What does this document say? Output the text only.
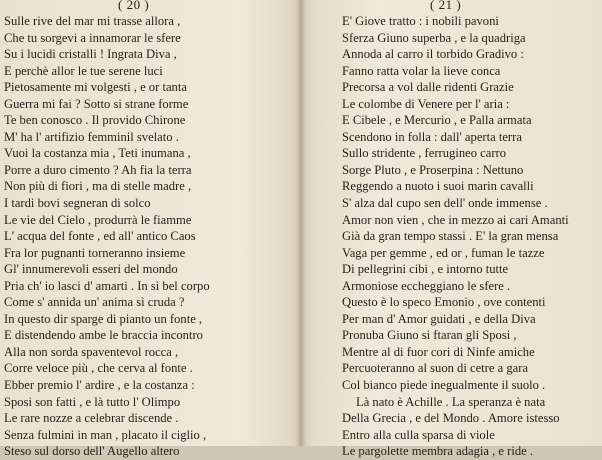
( 20 )
Sulle rive del mar mi trasse allora ,
Che tu sorgevi a innamorar le sfere
Su i lucidi cristalli ! Ingrata Diva ,
E perchè allor le tue serene luci
Pietosamente mi volgesti , e or tanta
Guerra mi fai ? Sotto si strane forme
Te ben conosco . Il provido Chirone
M' ha l' artifizio femminil svelato .
Vuoi la costanza mia , Teti inumana ,
Porre a duro cimento ? Ah fia la terra
Non più di fiori , ma di stelle madre ,
I tardi bovi segneran di solco
Le vie del Cielo , produrrà le fiamme
L' acqua del fonte , ed all' antico Caos
Fra lor pugnanti torneranno insieme
Gl' innumerevoli esseri del mondo
Pria ch' io lasci d' amarti . In sì bel corpo
Come s' annida un' anima sì cruda ?
In questo dir sparge di pianto un fonte ,
E distendendo ambe le braccia incontro
Alla non sorda spaventevol rocca ,
Corre veloce più , che cerva al fonte .
Ebber premio l' ardire , e la costanza :
Sposi son fatti , e là tutto l' Olimpo
Le rare nozze a celebrar discende .
Senza fulmini in man , placato il ciglio ,
Steso sul dorso dell' Augello altero
( 21 )
E' Giove tratto : i nobili pavoni
Sferza Giuno superba , e la quadriga
Annoda al carro il torbido Gradivo :
Fanno ratta volar la lieve conca
Precorsa a vol dalle ridenti Grazie
Le colombe di Venere per l' aria :
E Cibele , e Mercurio , e Palla armata
Scendono in folla : dall' aperta terra
Sullo stridente , ferrugineo carro
Sorge Pluto , e Proserpina : Nettuno
Reggendo a nuoto i suoi marin cavalli
S' alza dal cupo sen dell' onde immense .
Amor non vien , che in mezzo ai cari Amanti
Già da gran tempo stassi . E' la gran mensa
Vaga per gemme , ed or , fuman le tazze
Di pellegrini cibi , e intorno tutte
Armoniose eccheggiano le sfere .
Questo è lo speco Emonio , ove contenti
Per man d' Amor guidati , e della Diva
Pronuba Giuno si ftaran gli Sposi ,
Mentre al di fuor cori di Ninfe amiche
Percuoteranno al suon di cetre a gara
Col bianco piede inegualmente il suolo .
Là nato è Achille . La speranza è nata
Della Grecia , e del Mondo . Amore istesso
Entro alla culla sparsa di viole
Le pargolette membra adagia , e ride .
